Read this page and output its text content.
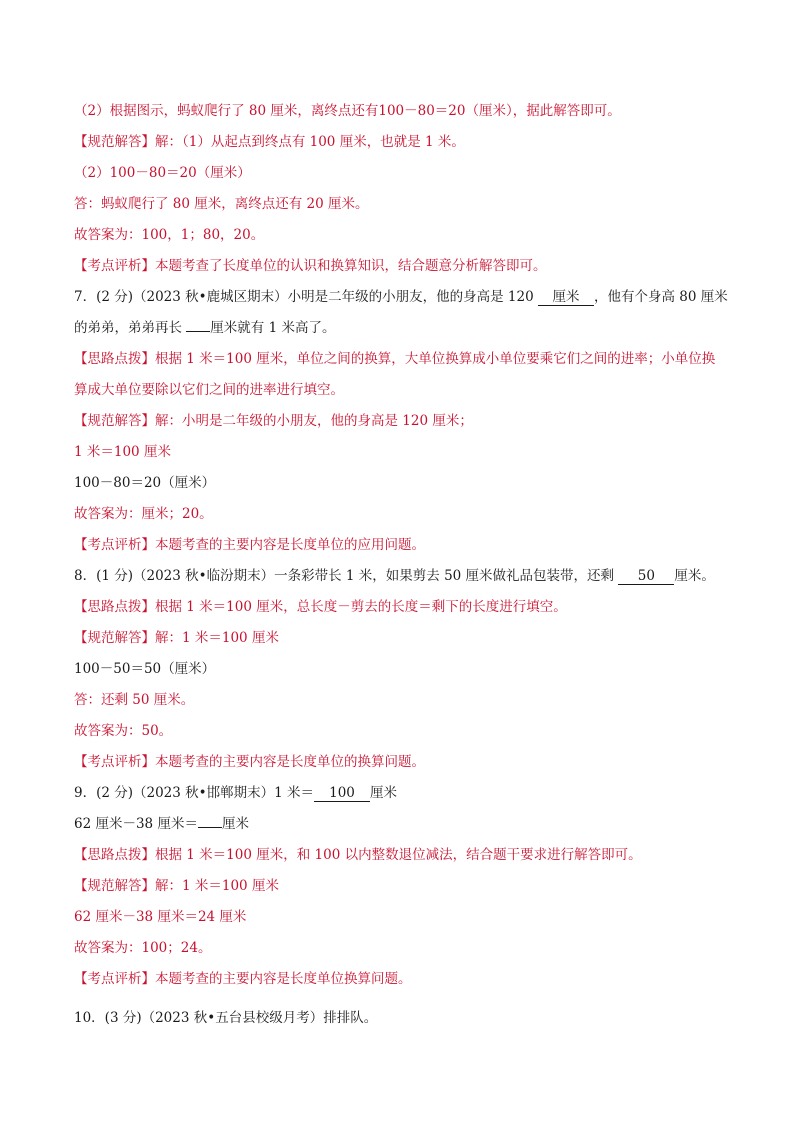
（2）根据图示，蚂蚁爬行了 80 厘米，离终点还有100－80＝20（厘米），据此解答即可。
【规范解答】解：（1）从起点到终点有 100 厘米，也就是 1 米。
（2）100－80＝20（厘米）
答：蚂蚁爬行了 80 厘米，离终点还有 20 厘米。
故答案为：100，1；80，20。
【考点评析】本题考查了长度单位的认识和换算知识，结合题意分析解答即可。
7．(2 分)（2023 秋•鹿城区期末）小明是二年级的小朋友，他的身高是 120 厘米 ，他有个身高 80 厘米
的弟弟，弟弟再长 厘米就有 1 米高了。
【思路点拨】根据 1 米＝100 厘米，单位之间的换算，大单位换算成小单位要乘它们之间的进率；小单位换
算成大单位要除以它们之间的进率进行填空。
【规范解答】解：小明是二年级的小朋友，他的身高是 120 厘米；
1 米＝100 厘米
100－80＝20（厘米）
故答案为：厘米；20。
【考点评析】本题考查的主要内容是长度单位的应用问题。
8．(1 分)（2023 秋•临汾期末）一条彩带长 1 米，如果剪去 50 厘米做礼品包装带，还剩 50 厘米。
【思路点拨】根据 1 米＝100 厘米，总长度－剪去的长度＝剩下的长度进行填空。
【规范解答】解：1 米＝100 厘米
100－50＝50（厘米）
答：还剩 50 厘米。
故答案为：50。
【考点评析】本题考查的主要内容是长度单位的换算问题。
9．(2 分)（2023 秋•邯郸期末）1 米＝ 100 厘米
62 厘米－38 厘米＝ 厘米
【思路点拨】根据 1 米＝100 厘米，和 100 以内整数退位减法，结合题干要求进行解答即可。
【规范解答】解：1 米＝100 厘米
62 厘米－38 厘米＝24 厘米
故答案为：100；24。
【考点评析】本题考查的主要内容是长度单位换算问题。
10．(3 分)（2023 秋•五台县校级月考）排排队。
